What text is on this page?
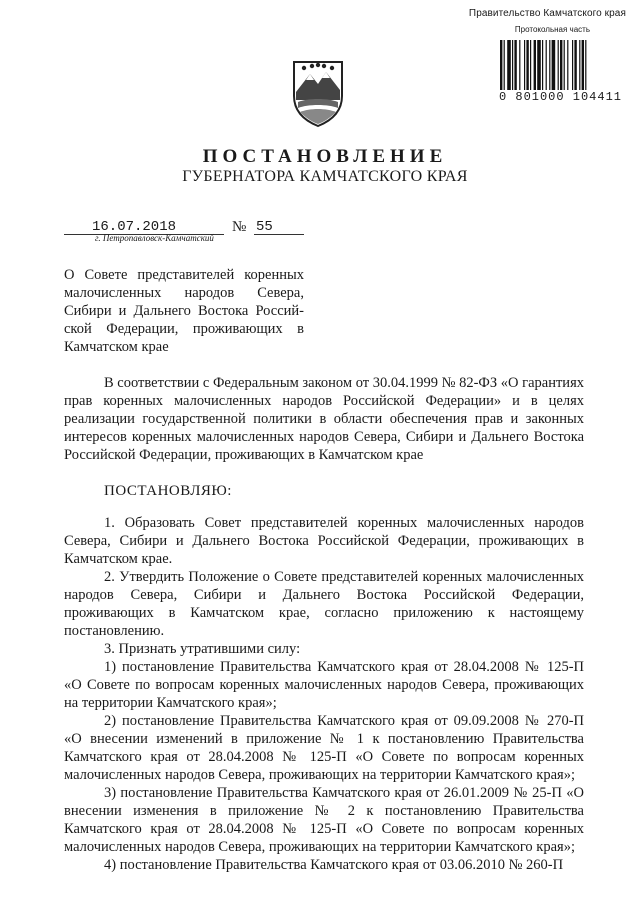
Правительство Камчатского края
Протокольная часть
0 801000 104411
ПОСТАНОВЛЕНИЕ
ГУБЕРНАТОРА КАМЧАТСКОГО КРАЯ
16.07.2018	№ 55
г. Петропавловск-Камчатский
О Совете представителей коренных
малочисленных народов Севера,
Сибири и Дальнего Востока Россий-
ской Федерации, проживающих в
Камчатском крае

В соответствии с Федеральным законом от 30.04.1999 № 82-ФЗ «О гарантиях прав коренных малочисленных народов Российской Федерации» и в целях реализации государственной политики в области обеспечения прав и законных интересов коренных малочисленных народов Севера, Сибири и Дальнего Востока Российской Федерации, проживающих в Камчатском крае

ПОСТАНОВЛЯЮ:

1. Образовать Совет представителей коренных малочисленных народов Севера, Сибири и Дальнего Востока Российской Федерации, проживающих в Камчатском крае.

2. Утвердить Положение о Совете представителей коренных малочисленных народов Севера, Сибири и Дальнего Востока Российской Федерации, проживающих в Камчатском крае, согласно приложению к настоящему постановлению.

3. Признать утратившими силу:

1) постановление Правительства Камчатского края от 28.04.2008 № 125-П «О Совете по вопросам коренных малочисленных народов Севера, проживающих на территории Камчатского края»;

2) постановление Правительства Камчатского края от 09.09.2008 № 270-П «О внесении изменений в приложение № 1 к постановлению Правительства Камчатского края от 28.04.2008 № 125-П «О Совете по вопросам коренных малочисленных народов Севера, проживающих на территории Камчатского края»;

3) постановление Правительства Камчатского края от 26.01.2009 № 25-П «О внесении изменения в приложение № 2 к постановлению Правительства Камчатского края от 28.04.2008 № 125-П «О Совете по вопросам коренных малочисленных народов Севера, проживающих на территории Камчатского края»;

4) постановление Правительства Камчатского края от 03.06.2010 № 260-П
